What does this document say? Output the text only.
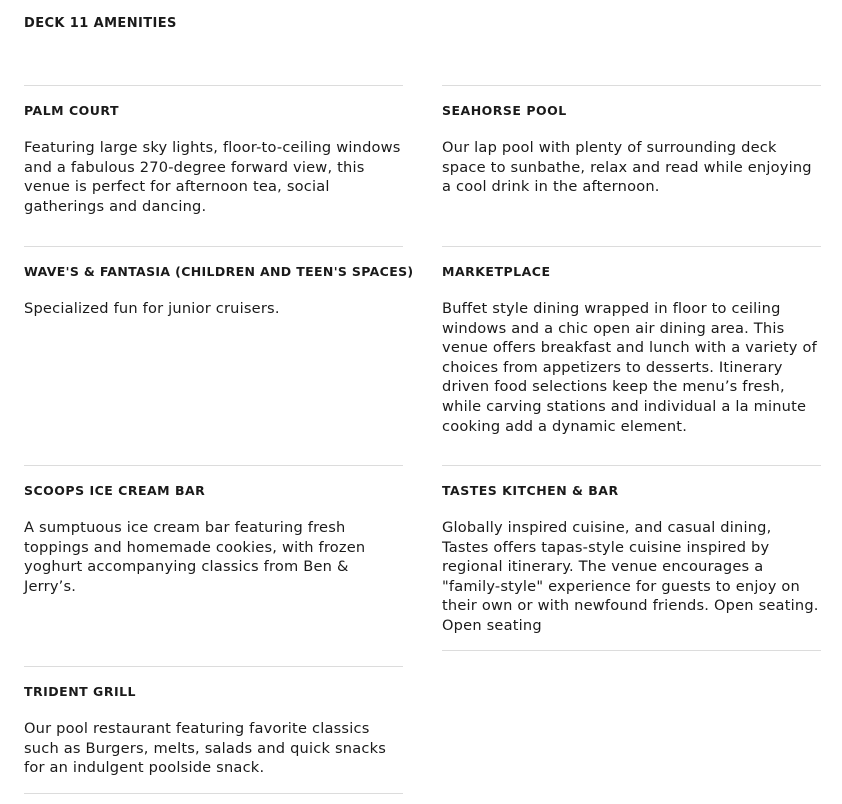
DECK 11 AMENITIES
PALM COURT

Featuring large sky lights, floor-to-ceiling windows and a fabulous 270-degree forward view, this venue is perfect for afternoon tea, social gatherings and dancing.

SEAHORSE POOL

Our lap pool with plenty of surrounding deck space to sunbathe, relax and read while enjoying a cool drink in the afternoon.

WAVE'S & FANTASIA (CHILDREN AND TEEN'S SPACES)

Specialized fun for junior cruisers.

MARKETPLACE

Buffet style dining wrapped in floor to ceiling windows and a chic open air dining area. This venue offers breakfast and lunch with a variety of choices from appetizers to desserts. Itinerary driven food selections keep the menu’s fresh, while carving stations and individual a la minute cooking add a dynamic element.

SCOOPS ICE CREAM BAR

A sumptuous ice cream bar featuring fresh toppings and homemade cookies, with frozen yoghurt accompanying classics from Ben & Jerry’s.

TASTES KITCHEN & BAR

Globally inspired cuisine, and casual dining, Tastes offers tapas-style cuisine inspired by regional itinerary. The venue encourages a "family-style" experience for guests to enjoy on their own or with newfound friends. Open seating. Open seating

TRIDENT GRILL

Our pool restaurant featuring favorite classics such as Burgers, melts, salads and quick snacks for an indulgent poolside snack.
